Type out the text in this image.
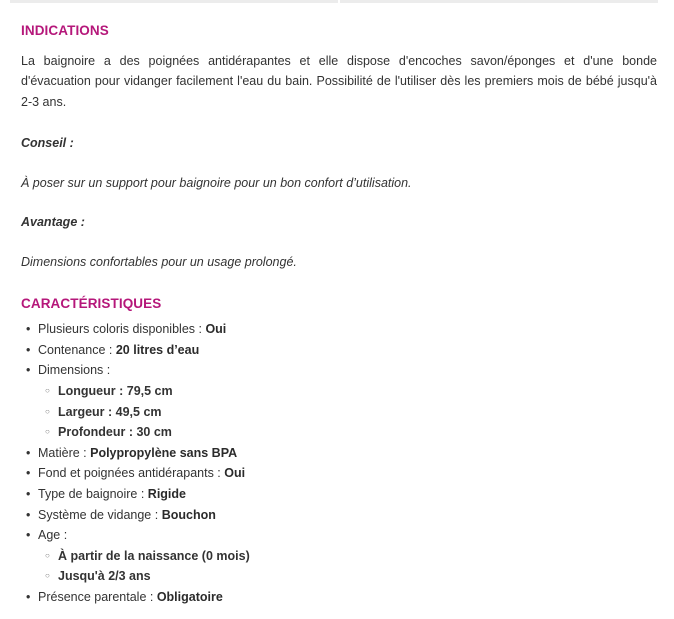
INDICATIONS

La baignoire a des poignées antidérapantes et elle dispose d'encoches savon/éponges et d'une bonde d'évacuation pour vidanger facilement l'eau du bain. Possibilité de l'utiliser dès les premiers mois de bébé jusqu'à 2-3 ans.

Conseil :

À poser sur un support pour baignoire pour un bon confort d’utilisation.

Avantage :

Dimensions confortables pour un usage prolongé.

CARACTÉRISTIQUES
• Plusieurs coloris disponibles : Oui
• Contenance : 20 litres d’eau
• Dimensions :
○ Longueur : 79,5 cm
○ Largeur : 49,5 cm
○ Profondeur : 30 cm
• Matière : Polypropylène sans BPA
• Fond et poignées antidérapants : Oui
• Type de baignoire : Rigide
• Système de vidange : Bouchon
• Age :
○ À partir de la naissance (0 mois)
○ Jusqu'à 2/3 ans
• Présence parentale : Obligatoire
